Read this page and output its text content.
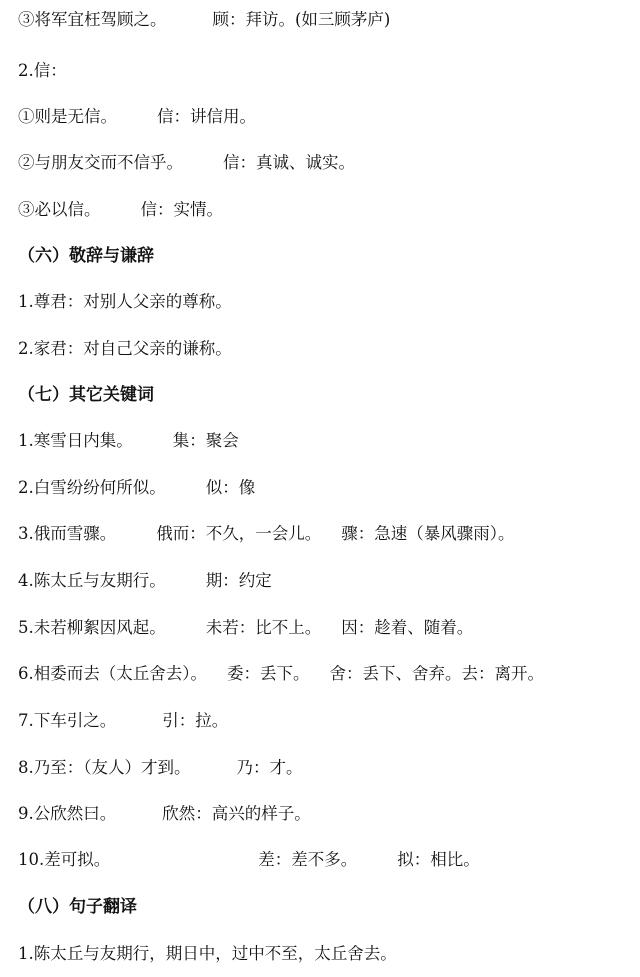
③将军宜枉驾顾之。	顾：拜访。(如三顾茅庐)
2.信：
①则是无信。 信：讲信用。
②与朋友交而不信乎。 信：真诚、诚实。
③必以信。 信：实情。
（六）敬辞与谦辞
1.尊君：对别人父亲的尊称。
2.家君：对自己父亲的谦称。
（七）其它关键词
1.寒雪日内集。 集：聚会
2.白雪纷纷何所似。 似：像
3.俄而雪骤。 俄而：不久，一会儿。 骤：急速（暴风骤雨）。
4.陈太丘与友期行。 期：约定
5.未若柳絮因风起。 未若：比不上。 因：趁着、随着。
6.相委而去（太丘舍去）。 委：丢下。 舍：丢下、舍弃。去：离开。
7.下车引之。	引：拉。
8.乃至：（友人）才到。	乃：才。
9.公欣然曰。	欣然：高兴的样子。
10.差可拟。	差：差不多。 拟：相比。
（八）句子翻译
1.陈太丘与友期行，期日中，过中不至，太丘舍去。
